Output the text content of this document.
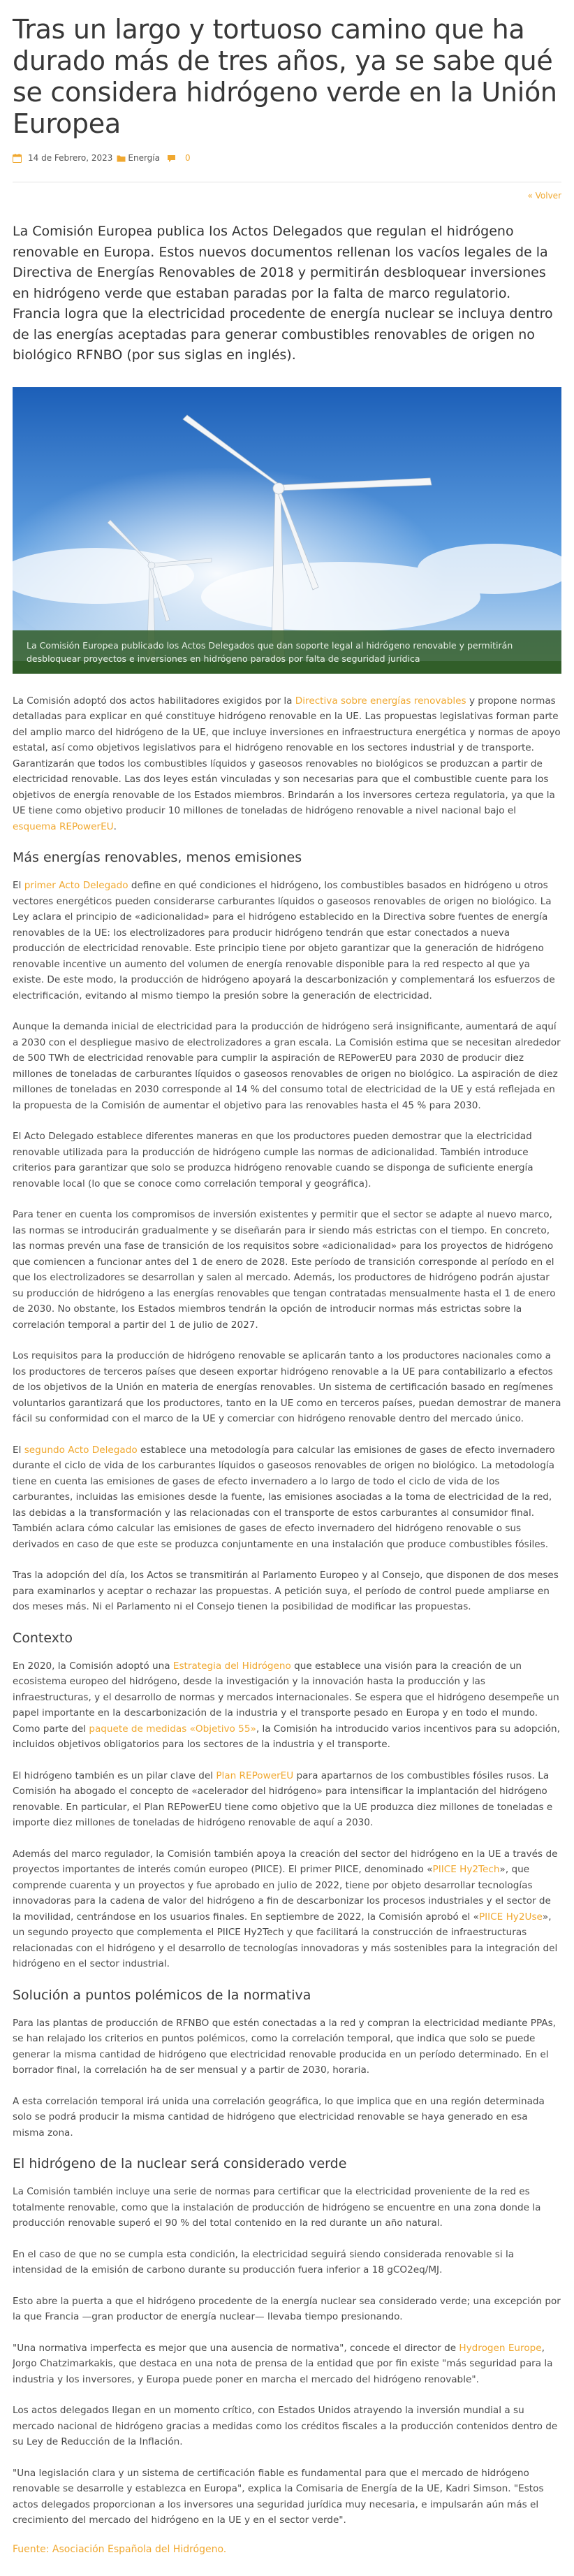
Tras un largo y tortuoso camino que ha durado más de tres años, ya se sabe qué se considera hidrógeno verde en la Unión Europea
14 de Febrero, 2023 Energía	0
« Volver

La Comisión Europea publica los Actos Delegados que regulan el hidrógeno renovable en Europa. Estos nuevos documentos rellenan los vacíos legales de la Directiva de Energías Renovables de 2018 y permitirán desbloquear inversiones en hidrógeno verde que estaban paradas por la falta de marco regulatorio. Francia logra que la electricidad procedente de energía nuclear se incluya dentro de las energías aceptadas para generar combustibles renovables de origen no biológico RFNBO (por sus siglas en inglés).

La Comisión Europea publicado los Actos Delegados que dan soporte legal al hidrógeno renovable y permitirán desbloquear proyectos e inversiones en hidrógeno parados por falta de seguridad jurídica

La Comisión adoptó dos actos habilitadores exigidos por la Directiva sobre energías renovables y propone normas detalladas para explicar en qué constituye hidrógeno renovable en la UE. Las propuestas legislativas forman parte del amplio marco del hidrógeno de la UE, que incluye inversiones en infraestructura energética y normas de apoyo estatal, así como objetivos legislativos para el hidrógeno renovable en los sectores industrial y de transporte. Garantizarán que todos los combustibles líquidos y gaseosos renovables no biológicos se produzcan a partir de electricidad renovable. Las dos leyes están vinculadas y son necesarias para que el combustible cuente para los objetivos de energía renovable de los Estados miembros. Brindarán a los inversores certeza regulatoria, ya que la UE tiene como objetivo producir 10 millones de toneladas de hidrógeno renovable a nivel nacional bajo el esquema REPowerEU.

Más energías renovables, menos emisiones

El primer Acto Delegado define en qué condiciones el hidrógeno, los combustibles basados en hidrógeno u otros vectores energéticos pueden considerarse carburantes líquidos o gaseosos renovables de origen no biológico. La Ley aclara el principio de «adicionalidad» para el hidrógeno establecido en la Directiva sobre fuentes de energía renovables de la UE: los electrolizadores para producir hidrógeno tendrán que estar conectados a nueva producción de electricidad renovable. Este principio tiene por objeto garantizar que la generación de hidrógeno renovable incentive un aumento del volumen de energía renovable disponible para la red respecto al que ya existe. De este modo, la producción de hidrógeno apoyará la descarbonización y complementará los esfuerzos de electrificación, evitando al mismo tiempo la presión sobre la generación de electricidad.

Aunque la demanda inicial de electricidad para la producción de hidrógeno será insignificante, aumentará de aquí a 2030 con el despliegue masivo de electrolizadores a gran escala. La Comisión estima que se necesitan alrededor de 500 TWh de electricidad renovable para cumplir la aspiración de REPowerEU para 2030 de producir diez millones de toneladas de carburantes líquidos o gaseosos renovables de origen no biológico. La aspiración de diez millones de toneladas en 2030 corresponde al 14 % del consumo total de electricidad de la UE y está reflejada en la propuesta de la Comisión de aumentar el objetivo para las renovables hasta el 45 % para 2030.

El Acto Delegado establece diferentes maneras en que los productores pueden demostrar que la electricidad renovable utilizada para la producción de hidrógeno cumple las normas de adicionalidad. También introduce criterios para garantizar que solo se produzca hidrógeno renovable cuando se disponga de suficiente energía renovable local (lo que se conoce como correlación temporal y geográfica).

Para tener en cuenta los compromisos de inversión existentes y permitir que el sector se adapte al nuevo marco, las normas se introducirán gradualmente y se diseñarán para ir siendo más estrictas con el tiempo. En concreto, las normas prevén una fase de transición de los requisitos sobre «adicionalidad» para los proyectos de hidrógeno que comiencen a funcionar antes del 1 de enero de 2028. Este período de transición corresponde al período en el que los electrolizadores se desarrollan y salen al mercado. Además, los productores de hidrógeno podrán ajustar su producción de hidrógeno a las energías renovables que tengan contratadas mensualmente hasta el 1 de enero de 2030. No obstante, los Estados miembros tendrán la opción de introducir normas más estrictas sobre la correlación temporal a partir del 1 de julio de 2027.

Los requisitos para la producción de hidrógeno renovable se aplicarán tanto a los productores nacionales como a los productores de terceros países que deseen exportar hidrógeno renovable a la UE para contabilizarlo a efectos de los objetivos de la Unión en materia de energías renovables. Un sistema de certificación basado en regímenes voluntarios garantizará que los productores, tanto en la UE como en terceros países, puedan demostrar de manera fácil su conformidad con el marco de la UE y comerciar con hidrógeno renovable dentro del mercado único.

El segundo Acto Delegado establece una metodología para calcular las emisiones de gases de efecto invernadero durante el ciclo de vida de los carburantes líquidos o gaseosos renovables de origen no biológico. La metodología tiene en cuenta las emisiones de gases de efecto invernadero a lo largo de todo el ciclo de vida de los carburantes, incluidas las emisiones desde la fuente, las emisiones asociadas a la toma de electricidad de la red, las debidas a la transformación y las relacionadas con el transporte de estos carburantes al consumidor final. También aclara cómo calcular las emisiones de gases de efecto invernadero del hidrógeno renovable o sus derivados en caso de que este se produzca conjuntamente en una instalación que produce combustibles fósiles.

Tras la adopción del día, los Actos se transmitirán al Parlamento Europeo y al Consejo, que disponen de dos meses para examinarlos y aceptar o rechazar las propuestas. A petición suya, el período de control puede ampliarse en dos meses más. Ni el Parlamento ni el Consejo tienen la posibilidad de modificar las propuestas.

Contexto

En 2020, la Comisión adoptó una Estrategia del Hidrógeno que establece una visión para la creación de un ecosistema europeo del hidrógeno, desde la investigación y la innovación hasta la producción y las infraestructuras, y el desarrollo de normas y mercados internacionales. Se espera que el hidrógeno desempeñe un papel importante en la descarbonización de la industria y el transporte pesado en Europa y en todo el mundo. Como parte del paquete de medidas «Objetivo 55», la Comisión ha introducido varios incentivos para su adopción, incluidos objetivos obligatorios para los sectores de la industria y el transporte.

El hidrógeno también es un pilar clave del Plan REPowerEU para apartarnos de los combustibles fósiles rusos. La Comisión ha abogado el concepto de «acelerador del hidrógeno» para intensificar la implantación del hidrógeno renovable. En particular, el Plan REPowerEU tiene como objetivo que la UE produzca diez millones de toneladas e importe diez millones de toneladas de hidrógeno renovable de aquí a 2030.

Además del marco regulador, la Comisión también apoya la creación del sector del hidrógeno en la UE a través de proyectos importantes de interés común europeo (PIICE). El primer PIICE, denominado «PIICE Hy2Tech», que comprende cuarenta y un proyectos y fue aprobado en julio de 2022, tiene por objeto desarrollar tecnologías innovadoras para la cadena de valor del hidrógeno a fin de descarbonizar los procesos industriales y el sector de la movilidad, centrándose en los usuarios finales. En septiembre de 2022, la Comisión aprobó el «PIICE Hy2Use», un segundo proyecto que complementa el PIICE Hy2Tech y que facilitará la construcción de infraestructuras relacionadas con el hidrógeno y el desarrollo de tecnologías innovadoras y más sostenibles para la integración del hidrógeno en el sector industrial.

Solución a puntos polémicos de la normativa

Para las plantas de producción de RFNBO que estén conectadas a la red y compran la electricidad mediante PPAs, se han relajado los criterios en puntos polémicos, como la correlación temporal, que indica que solo se puede generar la misma cantidad de hidrógeno que electricidad renovable producida en un período determinado. En el borrador final, la correlación ha de ser mensual y a partir de 2030, horaria.

A esta correlación temporal irá unida una correlación geográfica, lo que implica que en una región determinada solo se podrá producir la misma cantidad de hidrógeno que electricidad renovable se haya generado en esa misma zona.

El hidrógeno de la nuclear será considerado verde

La Comisión también incluye una serie de normas para certificar que la electricidad proveniente de la red es totalmente renovable, como que la instalación de producción de hidrógeno se encuentre en una zona donde la producción renovable superó el 90 % del total contenido en la red durante un año natural.

En el caso de que no se cumpla esta condición, la electricidad seguirá siendo considerada renovable si la intensidad de la emisión de carbono durante su producción fuera inferior a 18 gCO2eq/MJ.

Esto abre la puerta a que el hidrógeno procedente de la energía nuclear sea considerado verde; una excepción por la que Francia —gran productor de energía nuclear— llevaba tiempo presionando.

"Una normativa imperfecta es mejor que una ausencia de normativa", concede el director de Hydrogen Europe, Jorgo Chatzimarkakis, que destaca en una nota de prensa de la entidad que por fin existe "más seguridad para la industria y los inversores, y Europa puede poner en marcha el mercado del hidrógeno renovable".

Los actos delegados llegan en un momento crítico, con Estados Unidos atrayendo la inversión mundial a su mercado nacional de hidrógeno gracias a medidas como los créditos fiscales a la producción contenidos dentro de su Ley de Reducción de la Inflación.

"Una legislación clara y un sistema de certificación fiable es fundamental para que el mercado de hidrógeno renovable se desarrolle y establezca en Europa", explica la Comisaria de Energía de la UE, Kadri Simson. "Estos actos delegados proporcionan a los inversores una seguridad jurídica muy necesaria, e impulsarán aún más el crecimiento del mercado del hidrógeno en la UE y en el sector verde".

Fuente: Asociación Española del Hidrógeno.
